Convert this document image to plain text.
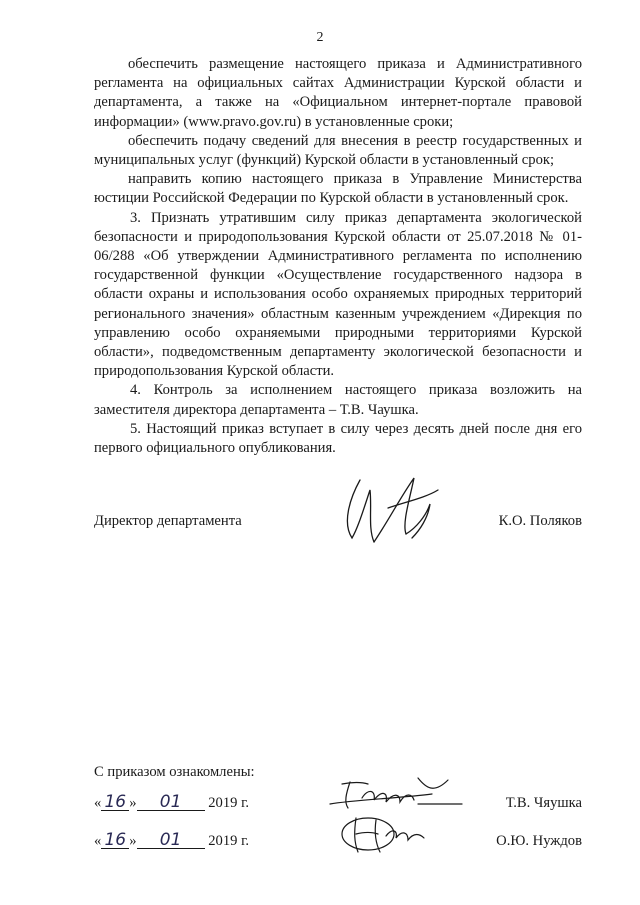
2

обеспечить размещение настоящего приказа и Административного регламента на официальных сайтах Администрации Курской области и департамента, а также на «Официальном интернет-портале правовой информации» (www.pravo.gov.ru) в установленные сроки;

обеспечить подачу сведений для внесения в реестр государственных и муниципальных услуг (функций) Курской области в установленный срок;

направить копию настоящего приказа в Управление Министерства юстиции Российской Федерации по Курской области в установленный срок.

3. Признать утратившим силу приказ департамента экологической безопасности и природопользования Курской области от 25.07.2018 № 01-06/288 «Об утверждении Административного регламента по исполнению государственной функции «Осуществление государственного надзора в области охраны и использования особо охраняемых природных территорий регионального значения» областным казенным учреждением «Дирекция по управлению особо охраняемыми природными территориями Курской области», подведомственным департаменту экологической безопасности и природопользования Курской области.

4. Контроль за исполнением настоящего приказа возложить на заместителя директора департамента – Т.В. Чаушка.

5. Настоящий приказ вступает в силу через десять дней после дня его первого официального опубликования.

Директор департамента	К.О. Поляков
С приказом ознакомлены:
« 16 » 01 2019 г.	Т.В. Чяушка
« 16 » 01 2019 г.	О.Ю. Нуждов
